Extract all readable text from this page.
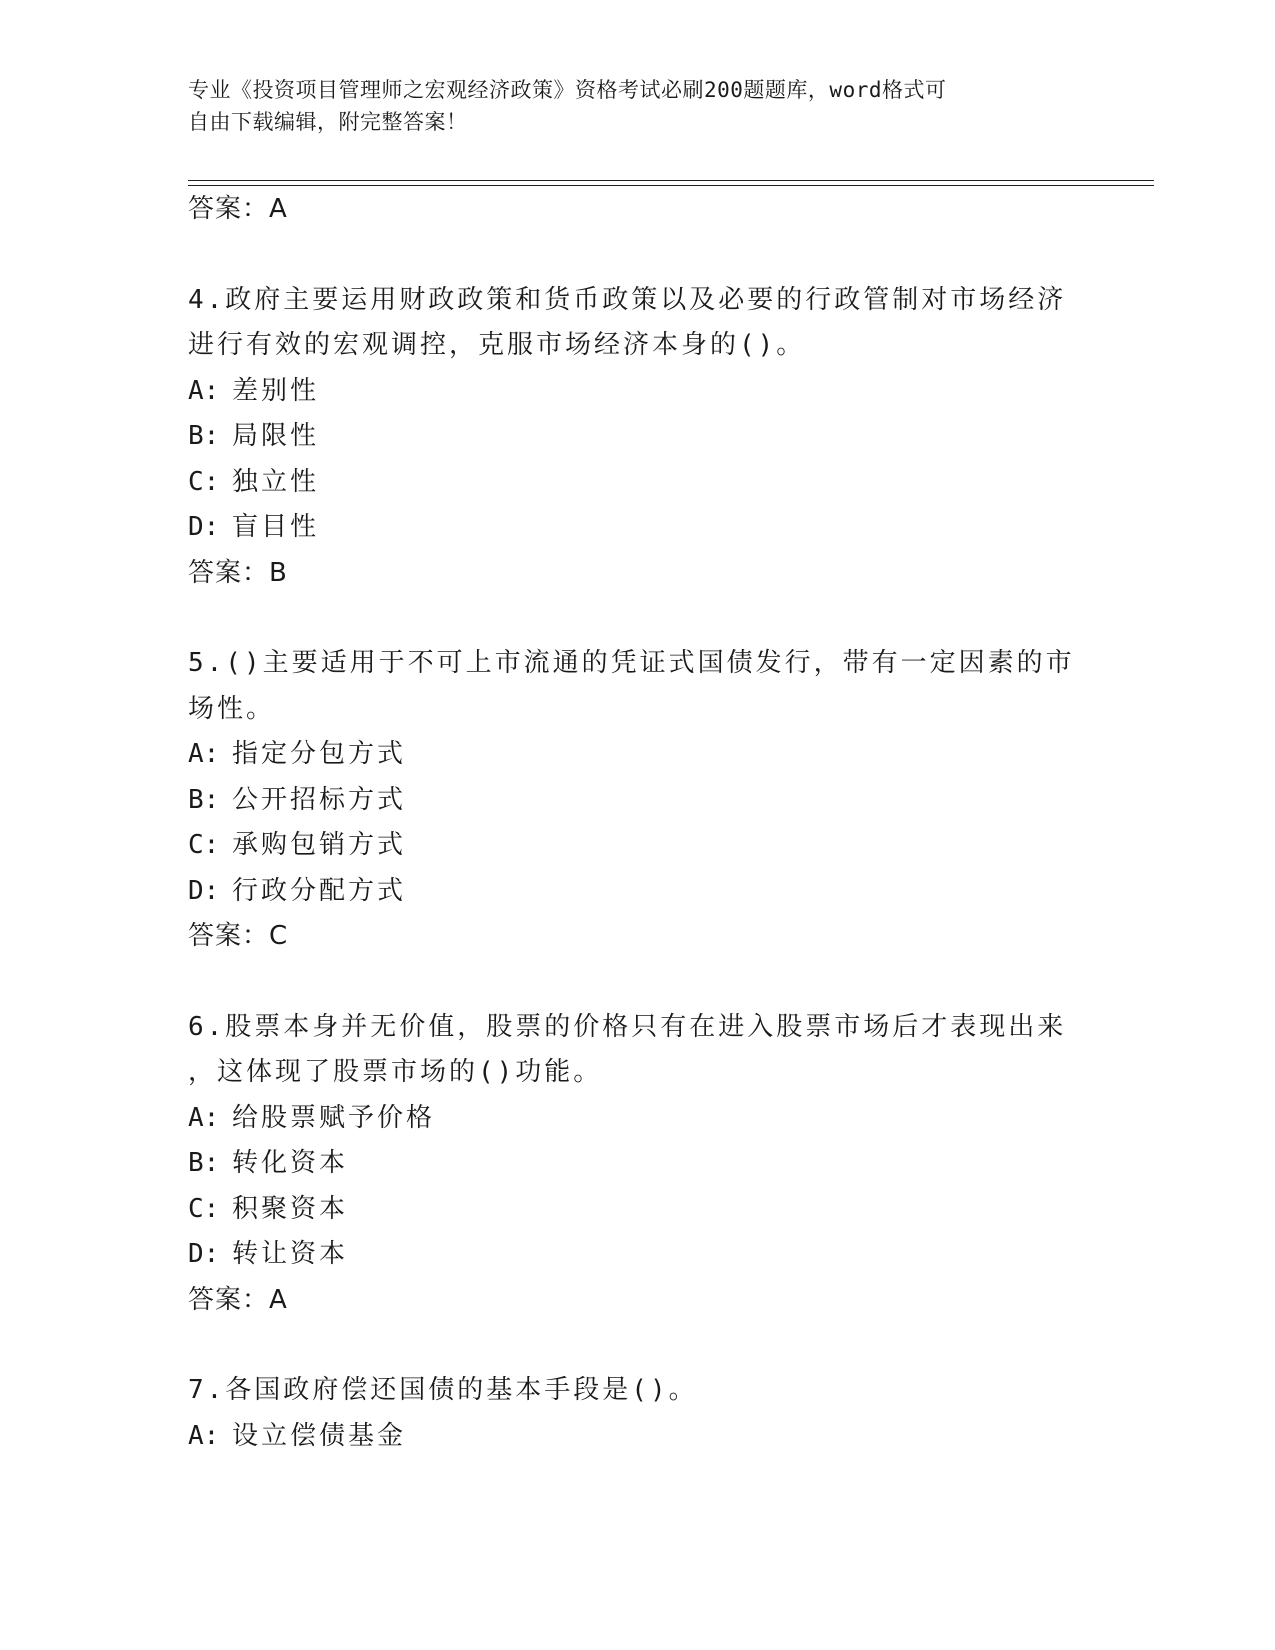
专业《投资项目管理师之宏观经济政策》资格考试必刷200题题库，word格式可
自由下载编辑，附完整答案！
答案：A
4.政府主要运用财政政策和货币政策以及必要的行政管制对市场经济
进行有效的宏观调控，克服市场经济本身的()。
A: 差别性
B: 局限性
C: 独立性
D: 盲目性
答案：B
5.()主要适用于不可上市流通的凭证式国债发行，带有一定因素的市
场性。
A: 指定分包方式
B: 公开招标方式
C: 承购包销方式
D: 行政分配方式
答案：C
6.股票本身并无价值，股票的价格只有在进入股票市场后才表现出来
，这体现了股票市场的()功能。
A: 给股票赋予价格
B: 转化资本
C: 积聚资本
D: 转让资本
答案：A
7.各国政府偿还国债的基本手段是()。
A: 设立偿债基金
